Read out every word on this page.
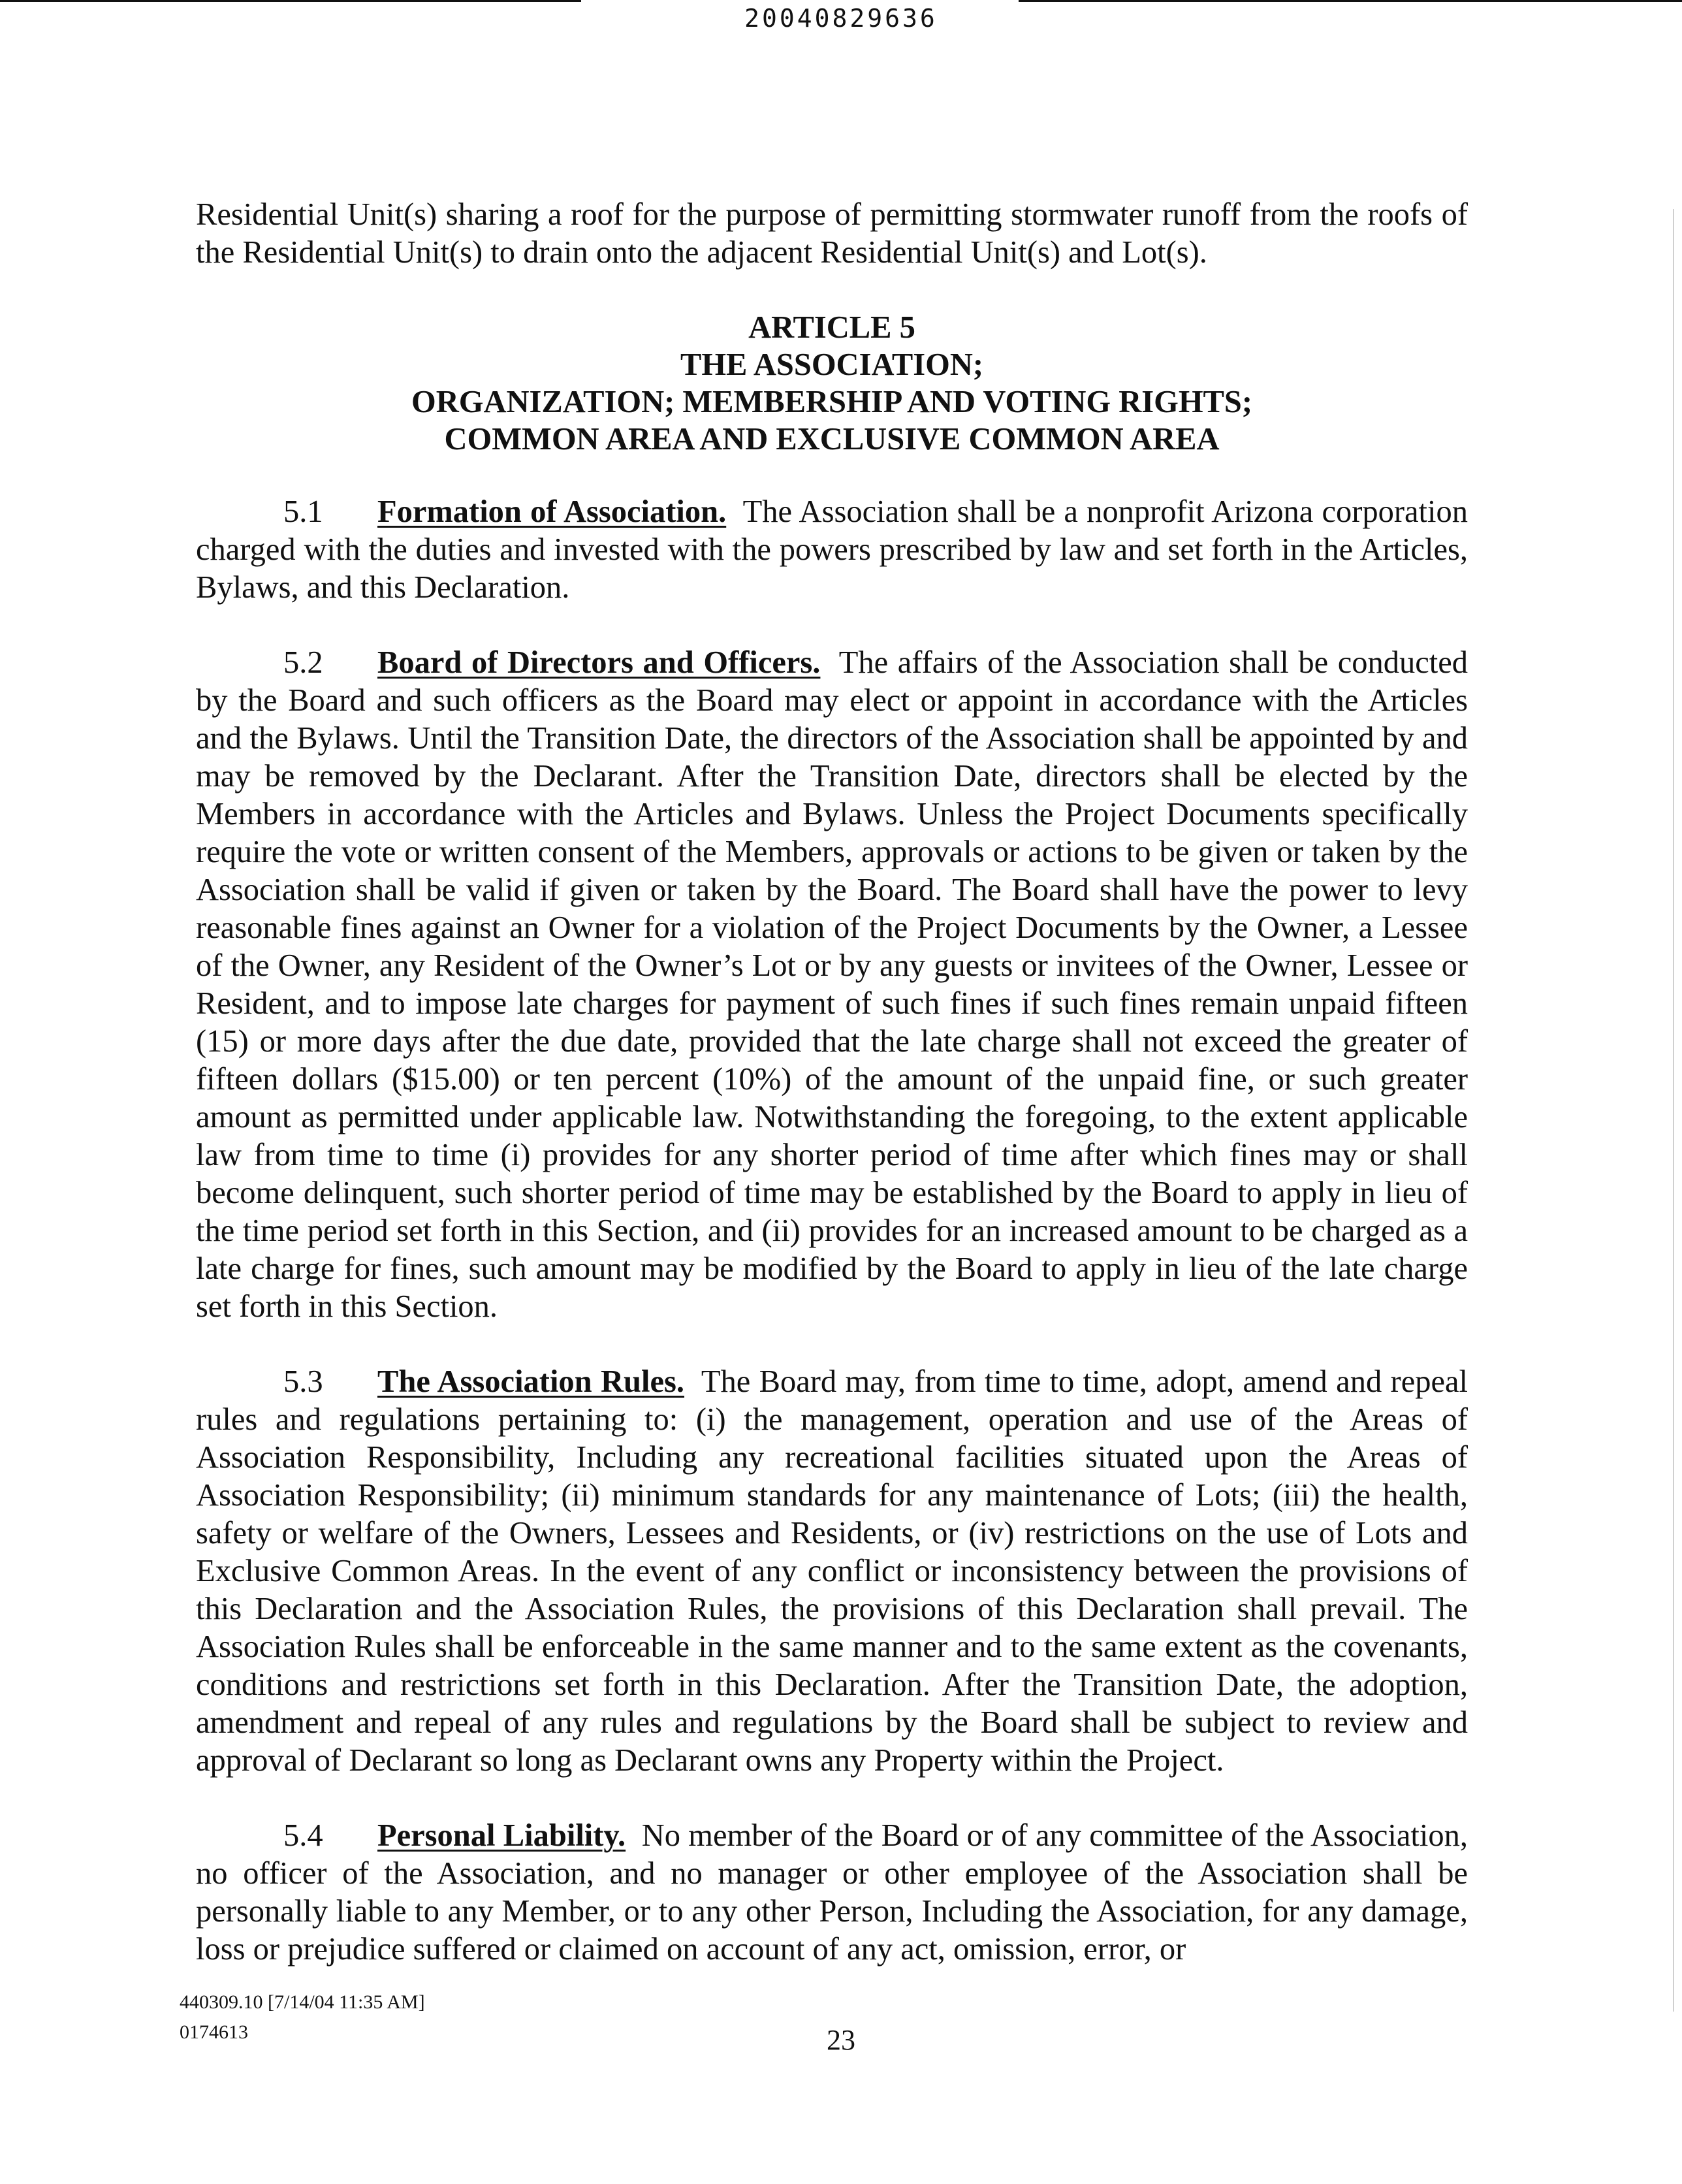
20040829636

Residential Unit(s) sharing a roof for the purpose of permitting stormwater runoff from the roofs of the Residential Unit(s) to drain onto the adjacent Residential Unit(s) and Lot(s).

ARTICLE 5
THE ASSOCIATION;
ORGANIZATION; MEMBERSHIP AND VOTING RIGHTS;
COMMON AREA AND EXCLUSIVE COMMON AREA

5.1 Formation of Association. The Association shall be a nonprofit Arizona corporation charged with the duties and invested with the powers prescribed by law and set forth in the Articles, Bylaws, and this Declaration.

5.2 Board of Directors and Officers. The affairs of the Association shall be conducted by the Board and such officers as the Board may elect or appoint in accordance with the Articles and the Bylaws. Until the Transition Date, the directors of the Association shall be appointed by and may be removed by the Declarant. After the Transition Date, directors shall be elected by the Members in accordance with the Articles and Bylaws. Unless the Project Documents specifically require the vote or written consent of the Members, approvals or actions to be given or taken by the Association shall be valid if given or taken by the Board. The Board shall have the power to levy reasonable fines against an Owner for a violation of the Project Documents by the Owner, a Lessee of the Owner, any Resident of the Owner’s Lot or by any guests or invitees of the Owner, Lessee or Resident, and to impose late charges for payment of such fines if such fines remain unpaid fifteen (15) or more days after the due date, provided that the late charge shall not exceed the greater of fifteen dollars ($15.00) or ten percent (10%) of the amount of the unpaid fine, or such greater amount as permitted under applicable law. Notwithstanding the foregoing, to the extent applicable law from time to time (i) provides for any shorter period of time after which fines may or shall become delinquent, such shorter period of time may be established by the Board to apply in lieu of the time period set forth in this Section, and (ii) provides for an increased amount to be charged as a late charge for fines, such amount may be modified by the Board to apply in lieu of the late charge set forth in this Section.

5.3 The Association Rules. The Board may, from time to time, adopt, amend and repeal rules and regulations pertaining to: (i) the management, operation and use of the Areas of Association Responsibility, Including any recreational facilities situated upon the Areas of Association Responsibility; (ii) minimum standards for any maintenance of Lots; (iii) the health, safety or welfare of the Owners, Lessees and Residents, or (iv) restrictions on the use of Lots and Exclusive Common Areas. In the event of any conflict or inconsistency between the provisions of this Declaration and the Association Rules, the provisions of this Declaration shall prevail. The Association Rules shall be enforceable in the same manner and to the same extent as the covenants, conditions and restrictions set forth in this Declaration. After the Transition Date, the adoption, amendment and repeal of any rules and regulations by the Board shall be subject to review and approval of Declarant so long as Declarant owns any Property within the Project.

5.4 Personal Liability. No member of the Board or of any committee of the Association, no officer of the Association, and no manager or other employee of the Association shall be personally liable to any Member, or to any other Person, Including the Association, for any damage, loss or prejudice suffered or claimed on account of any act, omission, error, or

440309.10 [7/14/04 11:35 AM]
0174613	23
